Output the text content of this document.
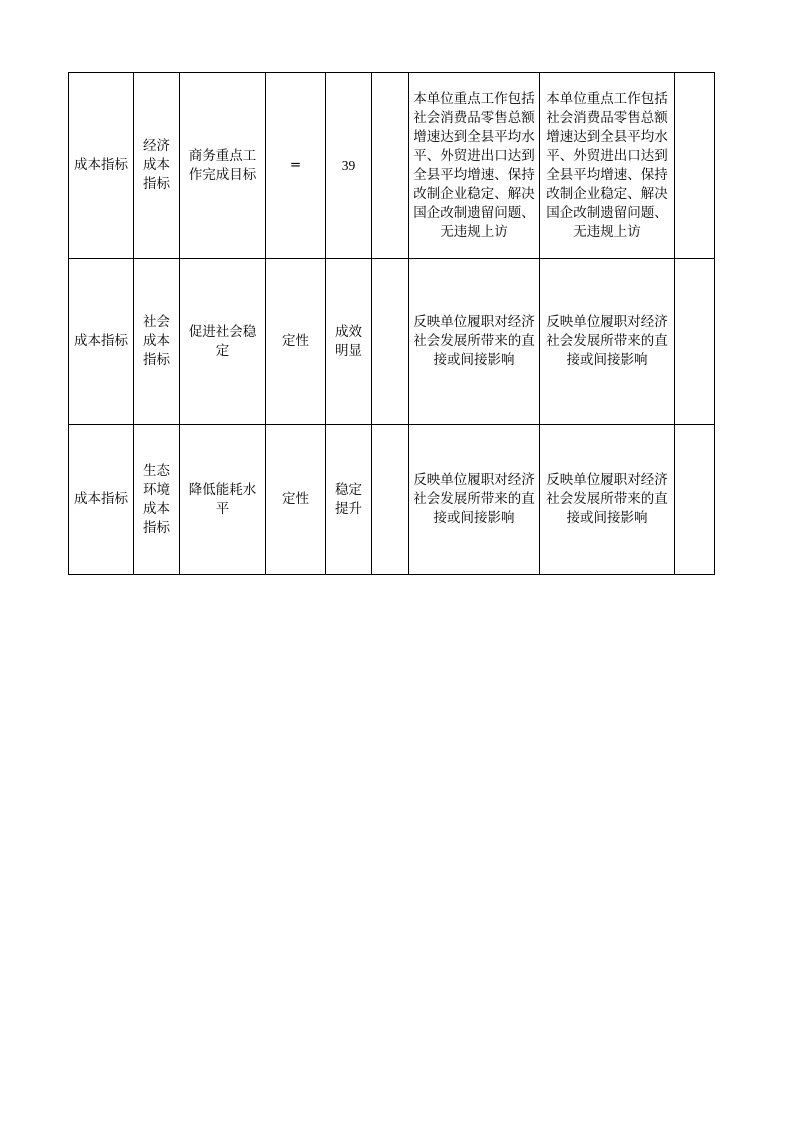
成本指标	经济成本指标	商务重点工作完成目标	=	39		本单位重点工作包括社会消费品零售总额增速达到全县平均水平、外贸进出口达到全县平均增速、保持改制企业稳定、解决国企改制遗留问题、无违规上访	本单位重点工作包括社会消费品零售总额增速达到全县平均水平、外贸进出口达到全县平均增速、保持改制企业稳定、解决国企改制遗留问题、无违规上访	
成本指标	社会成本指标	促进社会稳定	定性	成效明显		反映单位履职对经济社会发展所带来的直接或间接影响	反映单位履职对经济社会发展所带来的直接或间接影响	
成本指标	生态环境成本指标	降低能耗水平	定性	稳定提升		反映单位履职对经济社会发展所带来的直接或间接影响	反映单位履职对经济社会发展所带来的直接或间接影响	
